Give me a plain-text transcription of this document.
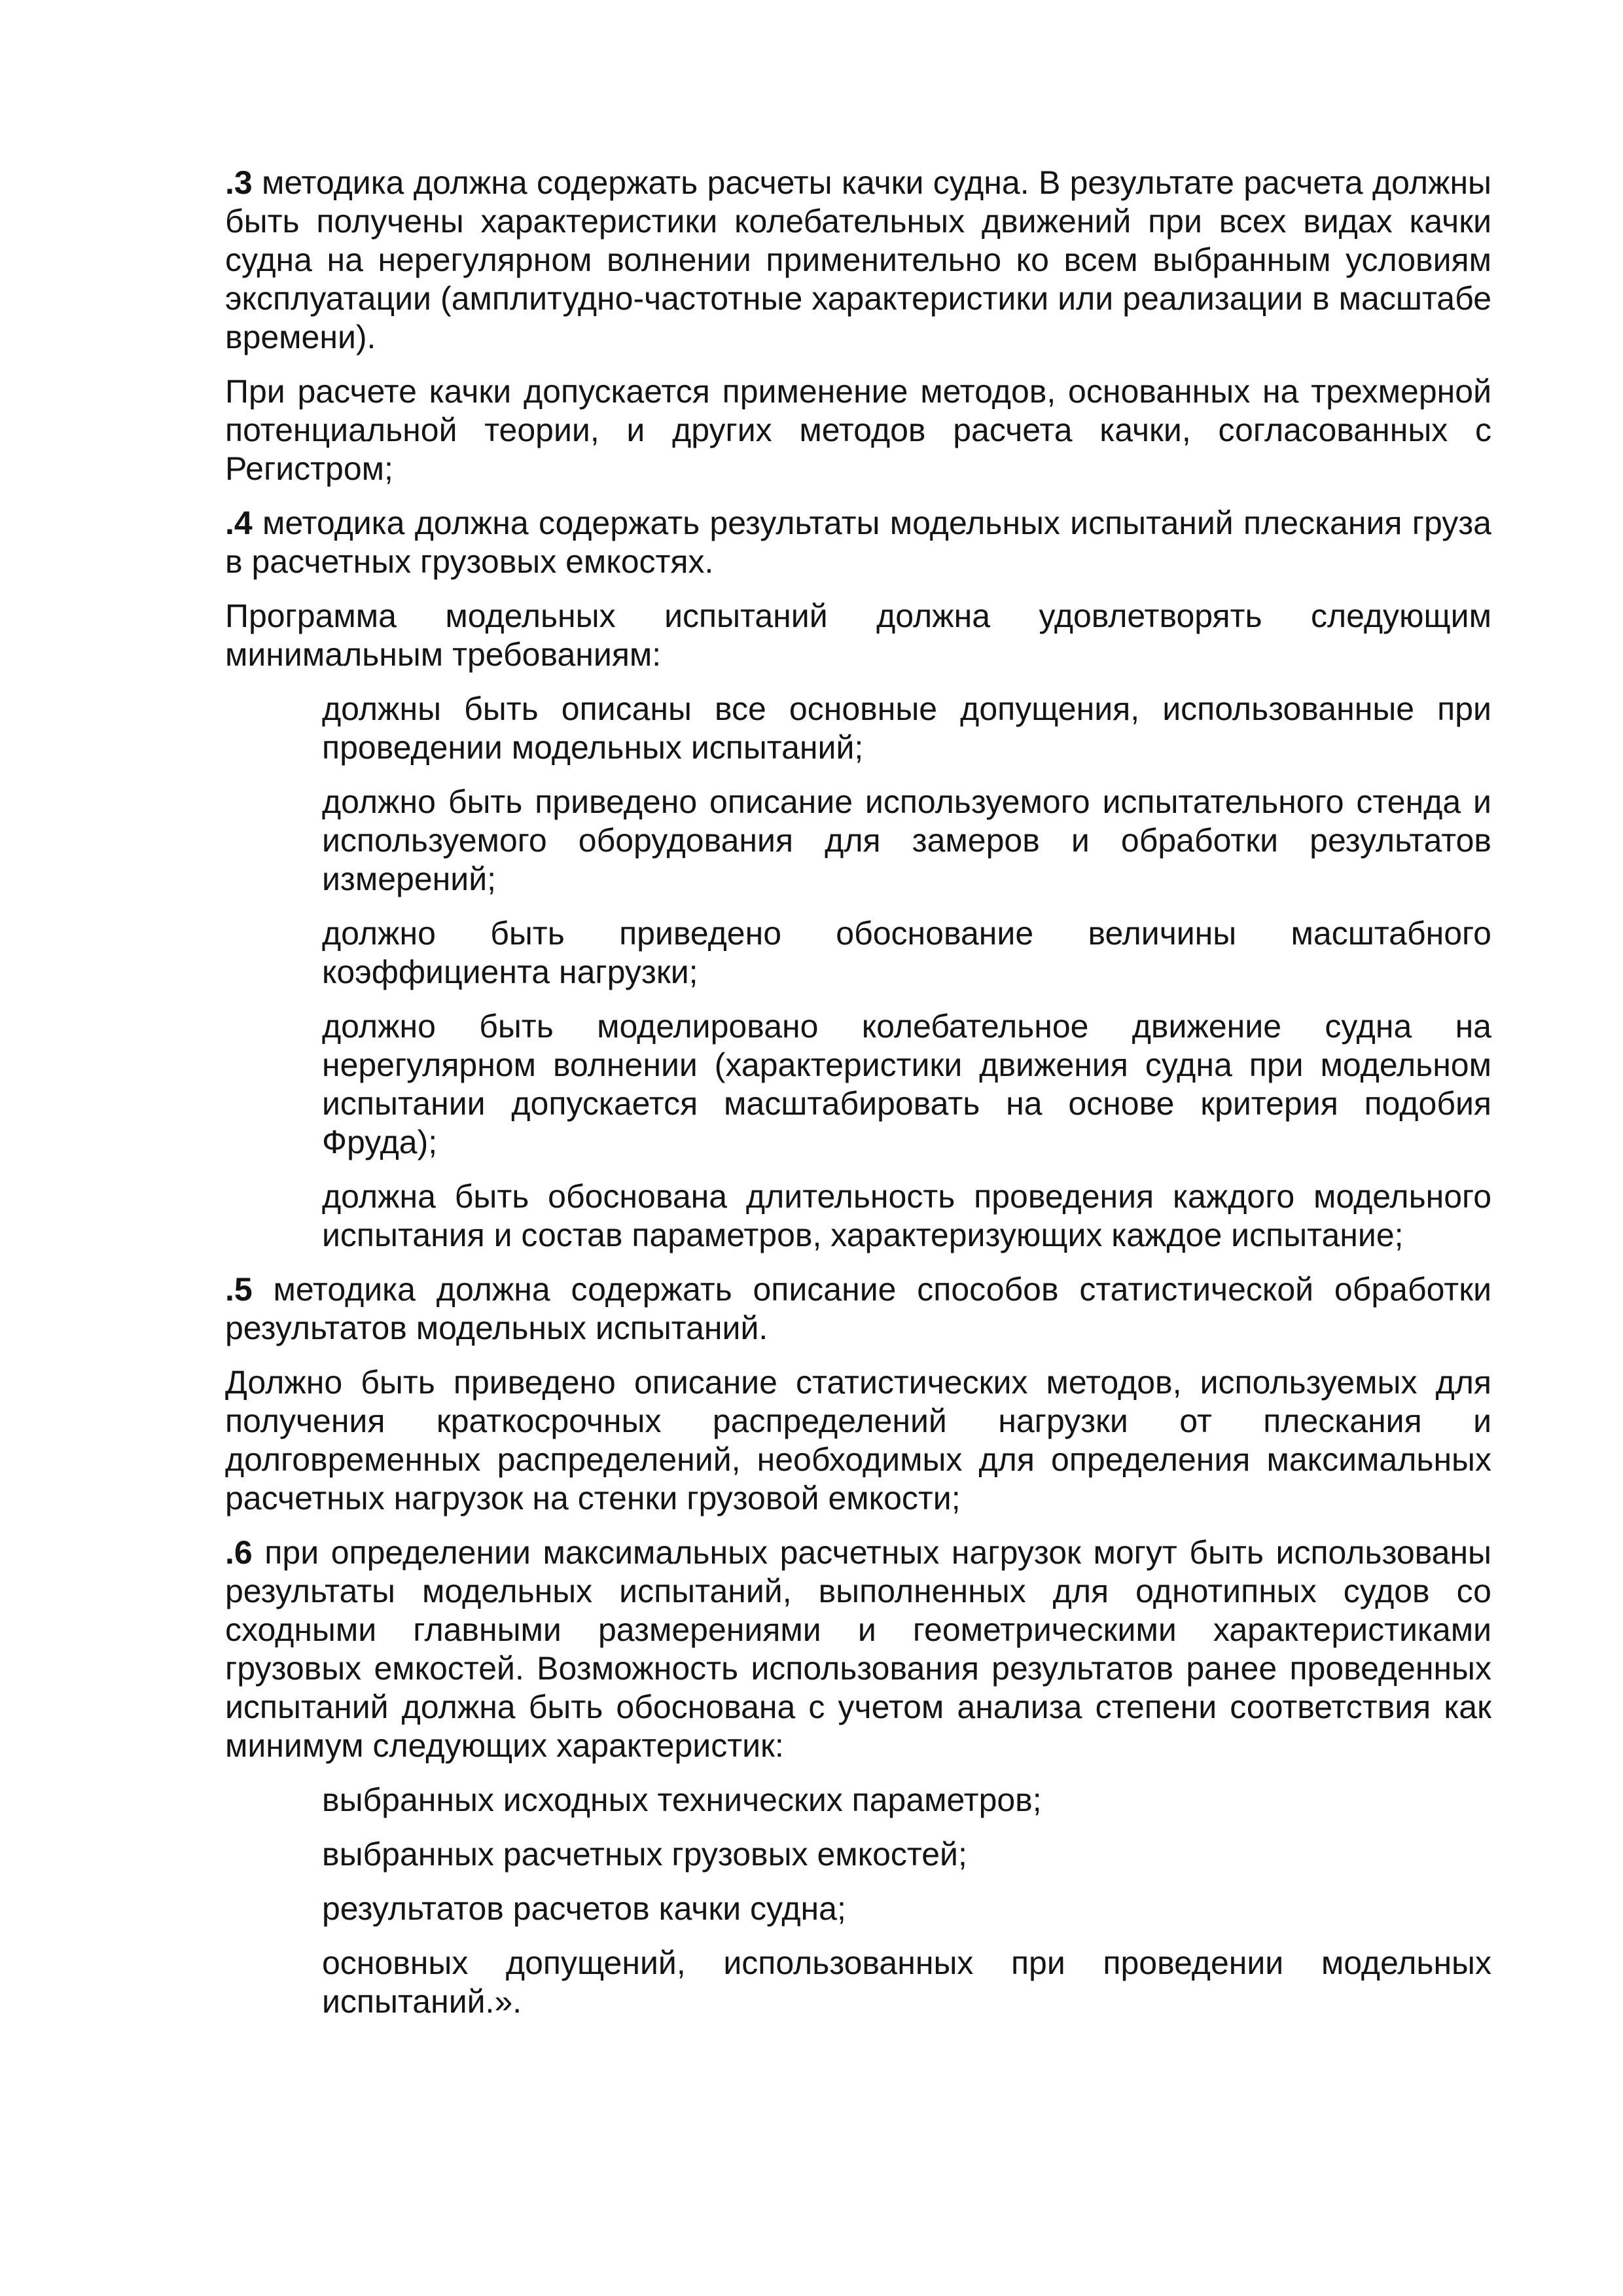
.3 методика должна содержать расчеты качки судна. В результате расчета должны быть получены характеристики колебательных движений при всех видах качки судна на нерегулярном волнении применительно ко всем выбранным условиям эксплуатации (амплитудно-частотные характеристики или реализации в масштабе времени).

При расчете качки допускается применение методов, основанных на трехмерной потенциальной теории, и других методов расчета качки, согласованных с Регистром;

.4 методика должна содержать результаты модельных испытаний плескания груза в расчетных грузовых емкостях.

Программа модельных испытаний должна удовлетворять следующим минимальным требованиям:

должны быть описаны все основные допущения, использованные при проведении модельных испытаний;

должно быть приведено описание используемого испытательного стенда и используемого оборудования для замеров и обработки результатов измерений;

должно быть приведено обоснование величины масштабного коэффициента нагрузки;

должно быть моделировано колебательное движение судна на нерегулярном волнении (характеристики движения судна при модельном испытании допускается масштабировать на основе критерия подобия Фруда);

должна быть обоснована длительность проведения каждого модельного испытания и состав параметров, характеризующих каждое испытание;

.5 методика должна содержать описание способов статистической обработки результатов модельных испытаний.

Должно быть приведено описание статистических методов, используемых для получения краткосрочных распределений нагрузки от плескания и долговременных распределений, необходимых для определения максимальных расчетных нагрузок на стенки грузовой емкости;

.6 при определении максимальных расчетных нагрузок могут быть использованы результаты модельных испытаний, выполненных для однотипных судов со сходными главными размерениями и геометрическими характеристиками грузовых емкостей. Возможность использования результатов ранее проведенных испытаний должна быть обоснована с учетом анализа степени соответствия как минимум следующих характеристик:

выбранных исходных технических параметров;

выбранных расчетных грузовых емкостей;

результатов расчетов качки судна;

основных допущений, использованных при проведении модельных испытаний.».
